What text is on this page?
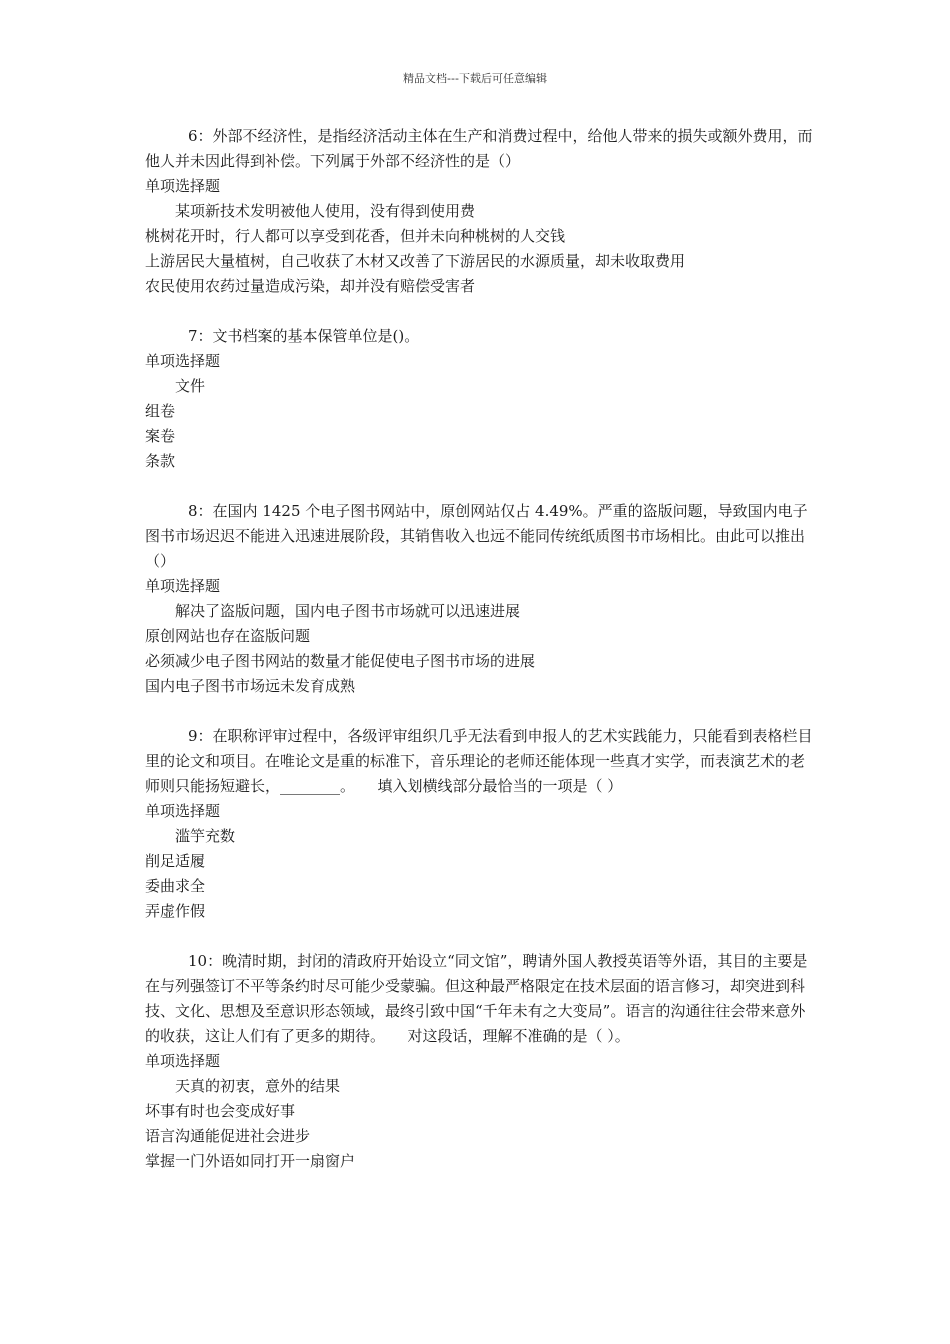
精品文档---下载后可任意编辑

6：外部不经济性，是指经济活动主体在生产和消费过程中，给他人带来的损失或额外费用，而他人并未因此得到补偿。下列属于外部不经济性的是（）

单项选择题

某项新技术发明被他人使用，没有得到使用费
桃树花开时，行人都可以享受到花香，但并未向种桃树的人交钱
上游居民大量植树，自己收获了木材又改善了下游居民的水源质量，却未收取费用
农民使用农药过量造成污染，却并没有赔偿受害者

7：文书档案的基本保管单位是()。

单项选择题

文件
组卷
案卷
条款

8：在国内 1425 个电子图书网站中，原创网站仅占 4.49%。严重的盗版问题，导致国内电子图书市场迟迟不能进入迅速进展阶段，其销售收入也远不能同传统纸质图书市场相比。由此可以推出（）

单项选择题

解决了盗版问题，国内电子图书市场就可以迅速进展
原创网站也存在盗版问题
必须减少电子图书网站的数量才能促使电子图书市场的进展
国内电子图书市场远未发育成熟

9：在职称评审过程中，各级评审组织几乎无法看到申报人的艺术实践能力，只能看到表格栏目里的论文和项目。在唯论文是重的标准下，音乐理论的老师还能体现一些真才实学，而表演艺术的老师则只能扬短避长，________。　　填入划横线部分最恰当的一项是（ ）

单项选择题

滥竽充数
削足适履
委曲求全
弄虚作假

10：晚清时期，封闭的清政府开始设立“同文馆”，聘请外国人教授英语等外语，其目的主要是在与列强签订不平等条约时尽可能少受蒙骗。但这种最严格限定在技术层面的语言修习，却突进到科技、文化、思想及至意识形态领域，最终引致中国“千年未有之大变局”。语言的沟通往往会带来意外的收获，这让人们有了更多的期待。　　对这段话，理解不准确的是（ ）。

单项选择题

天真的初衷，意外的结果
坏事有时也会变成好事
语言沟通能促进社会进步
掌握一门外语如同打开一扇窗户
